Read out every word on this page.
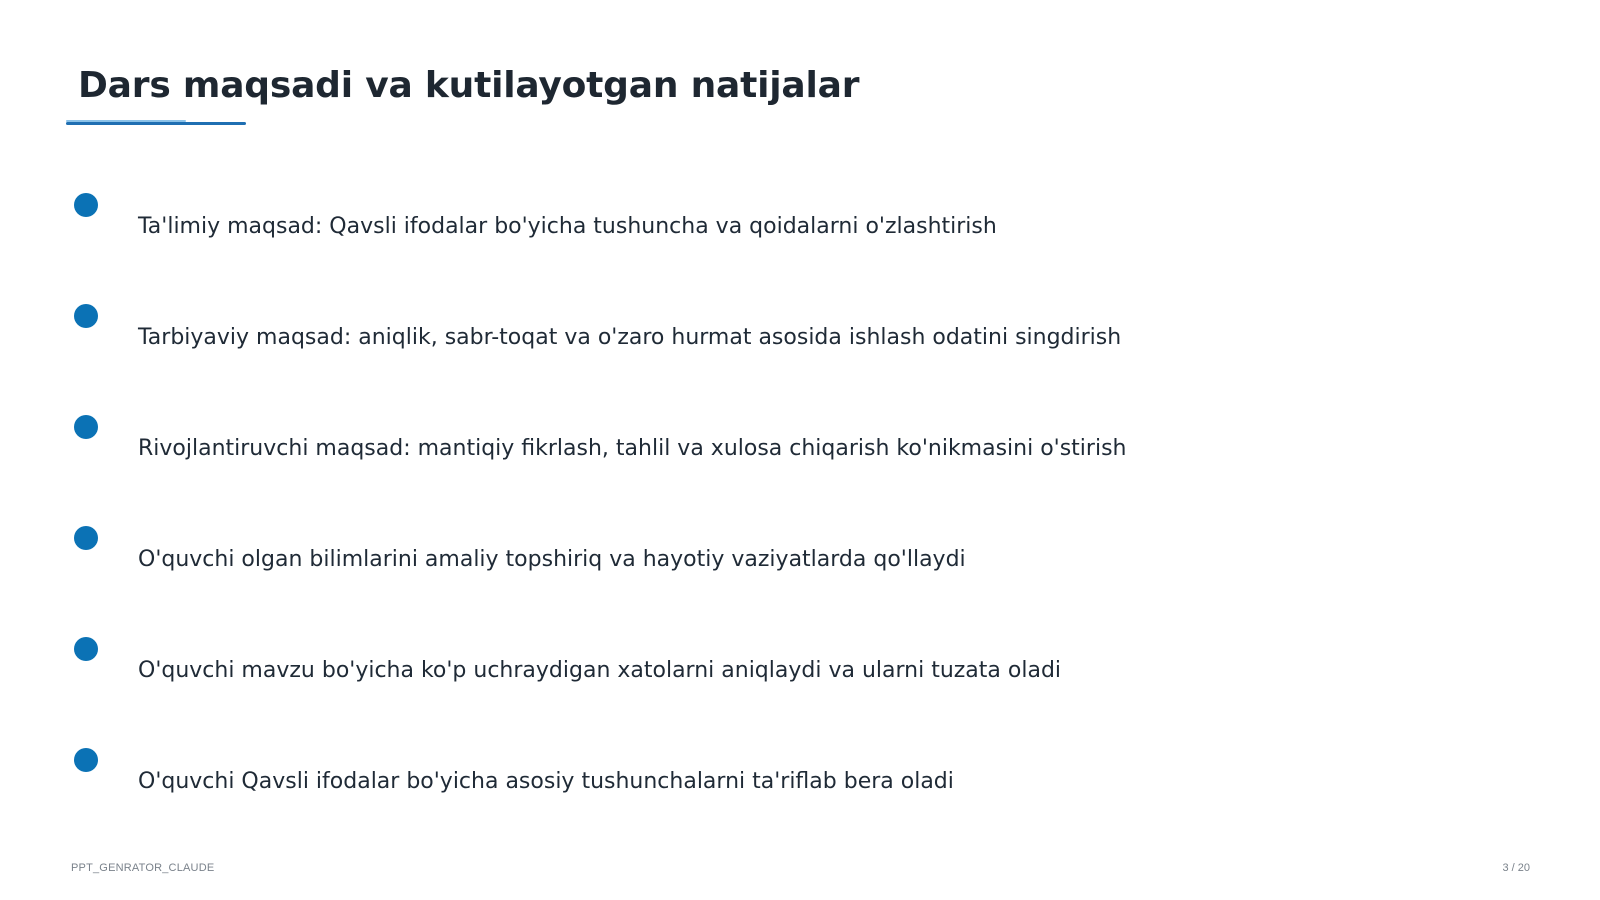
Dars maqsadi va kutilayotgan natijalar
Ta'limiy maqsad: Qavsli ifodalar bo'yicha tushuncha va qoidalarni o'zlashtirish
Tarbiyaviy maqsad: aniqlik, sabr-toqat va o'zaro hurmat asosida ishlash odatini singdirish
Rivojlantiruvchi maqsad: mantiqiy fikrlash, tahlil va xulosa chiqarish ko'nikmasini o'stirish
O'quvchi olgan bilimlarini amaliy topshiriq va hayotiy vaziyatlarda qo'llaydi
O'quvchi mavzu bo'yicha ko'p uchraydigan xatolarni aniqlaydi va ularni tuzata oladi
O'quvchi Qavsli ifodalar bo'yicha asosiy tushunchalarni ta'riflab bera oladi
PPT_GENRATOR_CLAUDE	3 / 20
